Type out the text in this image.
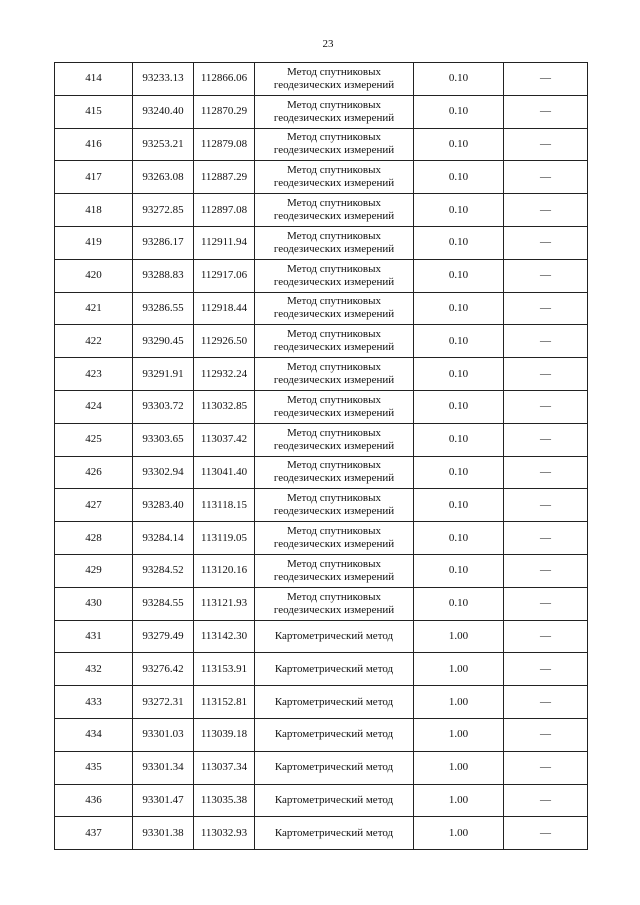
23
414	93233.13	112866.06	Метод спутниковых геодезических измерений	0.10	—
415	93240.40	112870.29	Метод спутниковых геодезических измерений	0.10	—
416	93253.21	112879.08	Метод спутниковых геодезических измерений	0.10	—
417	93263.08	112887.29	Метод спутниковых геодезических измерений	0.10	—
418	93272.85	112897.08	Метод спутниковых геодезических измерений	0.10	—
419	93286.17	112911.94	Метод спутниковых геодезических измерений	0.10	—
420	93288.83	112917.06	Метод спутниковых геодезических измерений	0.10	—
421	93286.55	112918.44	Метод спутниковых геодезических измерений	0.10	—
422	93290.45	112926.50	Метод спутниковых геодезических измерений	0.10	—
423	93291.91	112932.24	Метод спутниковых геодезических измерений	0.10	—
424	93303.72	113032.85	Метод спутниковых геодезических измерений	0.10	—
425	93303.65	113037.42	Метод спутниковых геодезических измерений	0.10	—
426	93302.94	113041.40	Метод спутниковых геодезических измерений	0.10	—
427	93283.40	113118.15	Метод спутниковых геодезических измерений	0.10	—
428	93284.14	113119.05	Метод спутниковых геодезических измерений	0.10	—
429	93284.52	113120.16	Метод спутниковых геодезических измерений	0.10	—
430	93284.55	113121.93	Метод спутниковых геодезических измерений	0.10	—
431	93279.49	113142.30	Картометрический метод	1.00	—
432	93276.42	113153.91	Картометрический метод	1.00	—
433	93272.31	113152.81	Картометрический метод	1.00	—
434	93301.03	113039.18	Картометрический метод	1.00	—
435	93301.34	113037.34	Картометрический метод	1.00	—
436	93301.47	113035.38	Картометрический метод	1.00	—
437	93301.38	113032.93	Картометрический метод	1.00	—
